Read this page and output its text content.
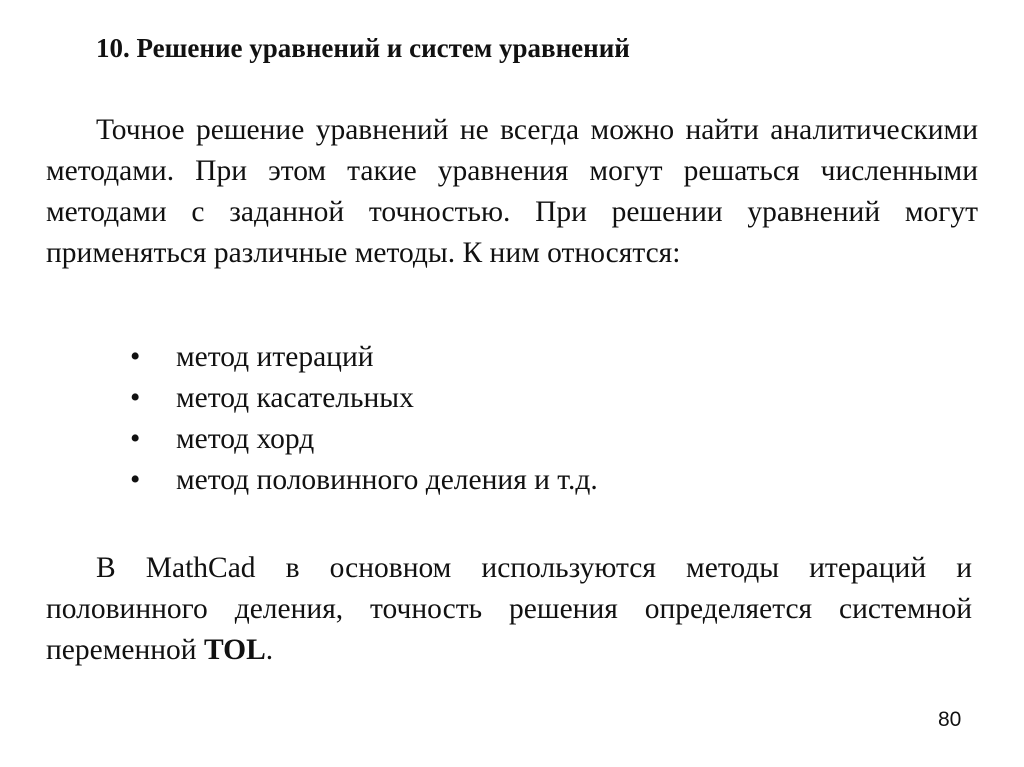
10. Решение уравнений и систем уравнений
Точное решение уравнений не всегда можно найти аналитическими методами. При этом такие уравнения могут решаться численными методами с заданной точностью. При решении уравнений могут применяться различные методы. К ним относятся:
• метод итераций
• метод касательных
• метод хорд
• метод половинного деления и т.д.
В MathCad в основном используются методы итераций и половинного деления, точность решения определяется системной переменной TOL.
80
